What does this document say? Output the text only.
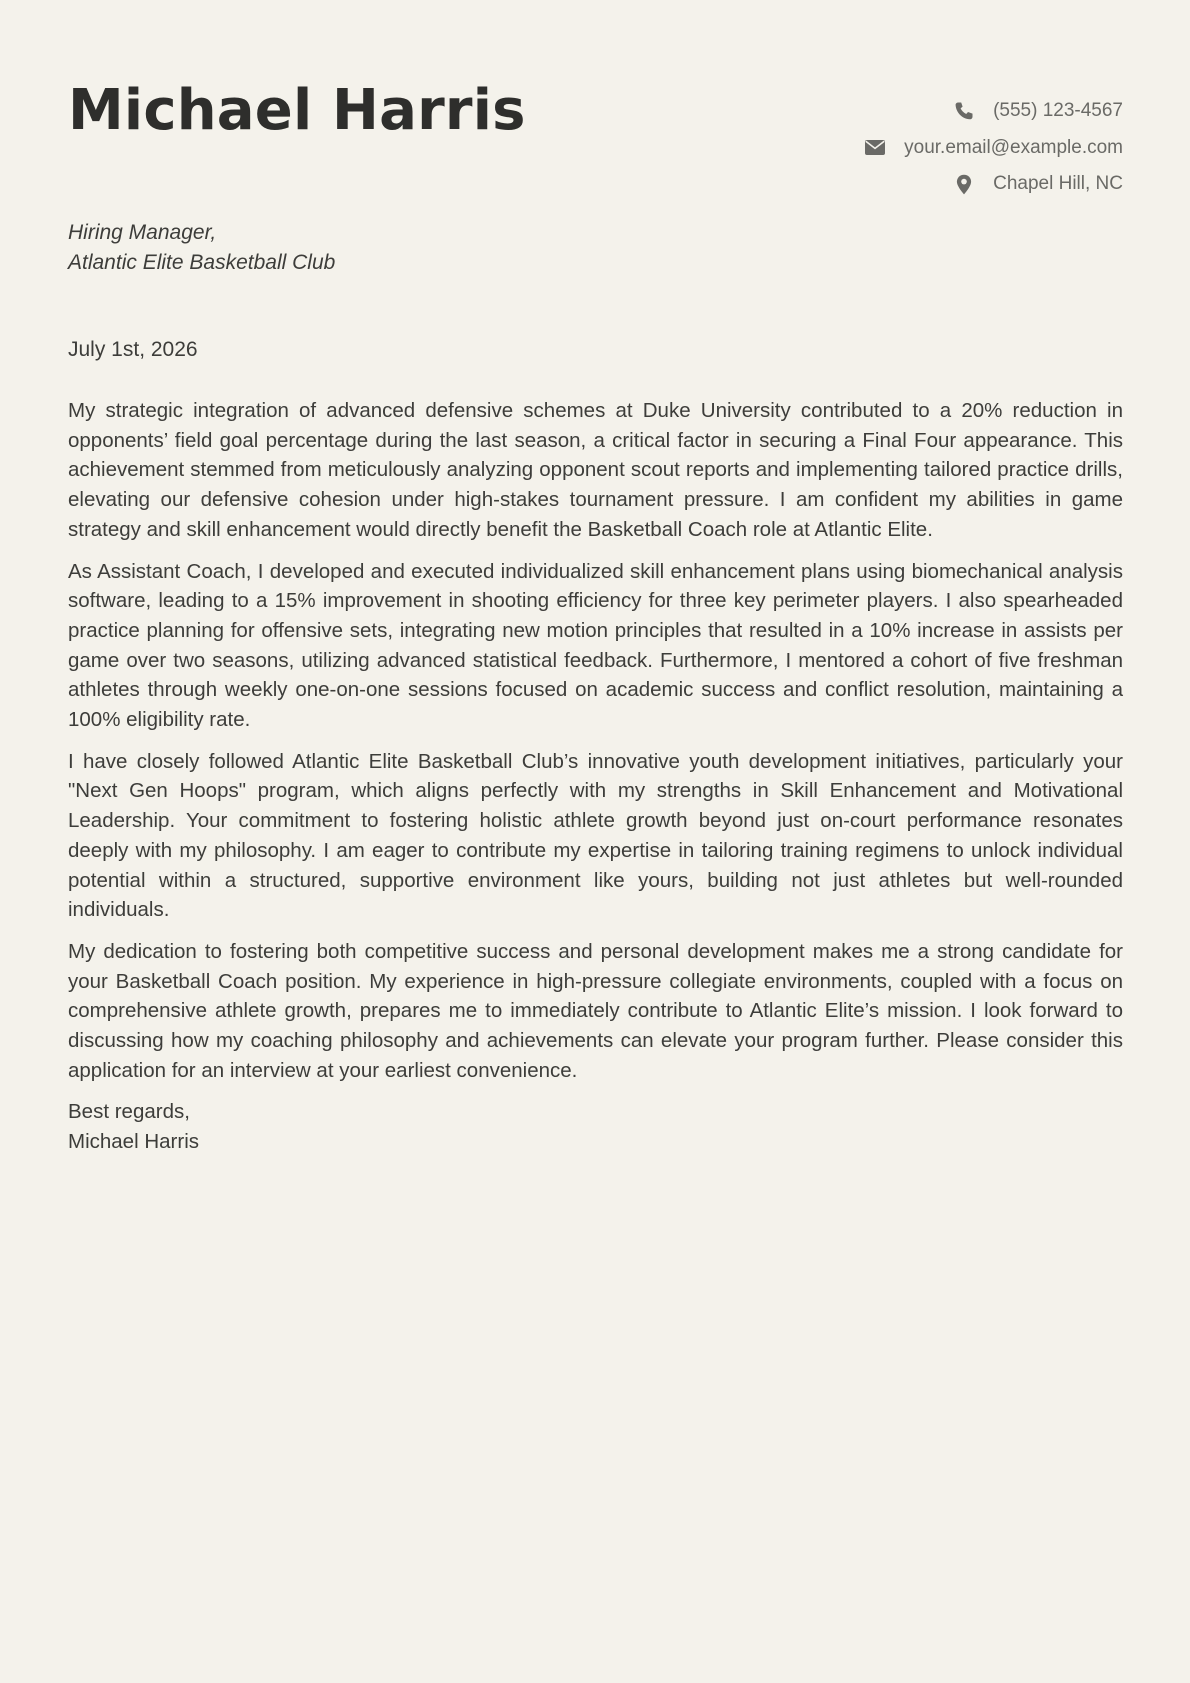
Michael Harris	(555) 123-4567
your.email@example.com
Chapel Hill, NC
Hiring Manager,
Atlantic Elite Basketball Club
July 1st, 2026

My strategic integration of advanced defensive schemes at Duke University contributed to a 20% reduction in opponents’ field goal percentage during the last season, a critical factor in securing a Final Four appearance. This achievement stemmed from meticulously analyzing opponent scout reports and implementing tailored practice drills, elevating our defensive cohesion under high-stakes tournament pressure. I am confident my abilities in game strategy and skill enhancement would directly benefit the Basketball Coach role at Atlantic Elite.

As Assistant Coach, I developed and executed individualized skill enhancement plans using biomechanical analysis software, leading to a 15% improvement in shooting efficiency for three key perimeter players. I also spearheaded practice planning for offensive sets, integrating new motion principles that resulted in a 10% increase in assists per game over two seasons, utilizing advanced statistical feedback. Furthermore, I mentored a cohort of five freshman athletes through weekly one-on-one sessions focused on academic success and conflict resolution, maintaining a 100% eligibility rate.

I have closely followed Atlantic Elite Basketball Club’s innovative youth development initiatives, particularly your "Next Gen Hoops" program, which aligns perfectly with my strengths in Skill Enhancement and Motivational Leadership. Your commitment to fostering holistic athlete growth beyond just on-court performance resonates deeply with my philosophy. I am eager to contribute my expertise in tailoring training regimens to unlock individual potential within a structured, supportive environment like yours, building not just athletes but well-rounded individuals.

My dedication to fostering both competitive success and personal development makes me a strong candidate for your Basketball Coach position. My experience in high-pressure collegiate environments, coupled with a focus on comprehensive athlete growth, prepares me to immediately contribute to Atlantic Elite’s mission. I look forward to discussing how my coaching philosophy and achievements can elevate your program further. Please consider this application for an interview at your earliest convenience.

Best regards,
Michael Harris
